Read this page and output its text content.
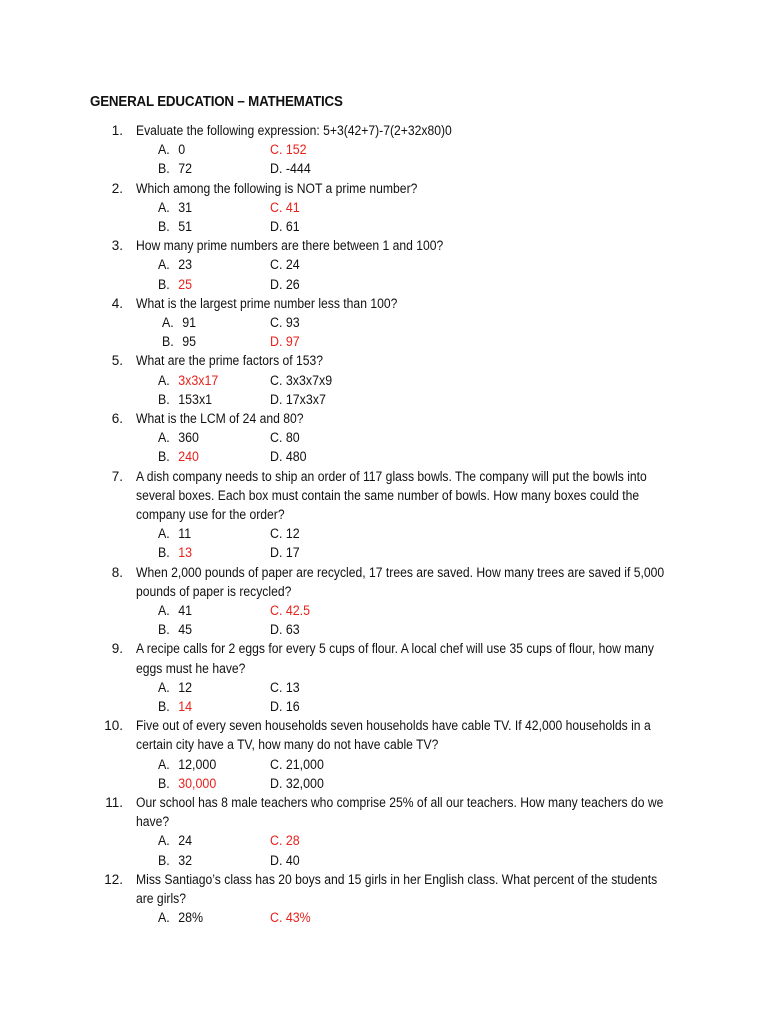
GENERAL EDUCATION – MATHEMATICS
1. Evaluate the following expression: 5+3(42+7)-7(2+32x80)0
A. 0	C. 152
B. 72	D. -444
2. Which among the following is NOT a prime number?
A. 31	C. 41
B. 51	D. 61
3. How many prime numbers are there between 1 and 100?
A. 23	C. 24
B. 25	D. 26
4. What is the largest prime number less than 100?
A. 91	C. 93
B. 95	D. 97
5. What are the prime factors of 153?
A. 3x3x17	C. 3x3x7x9
B. 153x1	D. 17x3x7
6. What is the LCM of 24 and 80?
A. 360	C. 80
B. 240	D. 480
7. A dish company needs to ship an order of 117 glass bowls. The company will put the bowls into
several boxes. Each box must contain the same number of bowls. How many boxes could the
company use for the order?
A. 11	C. 12
B. 13	D. 17
8. When 2,000 pounds of paper are recycled, 17 trees are saved. How many trees are saved if 5,000
pounds of paper is recycled?
A. 41	C. 42.5
B. 45	D. 63
9. A recipe calls for 2 eggs for every 5 cups of flour. A local chef will use 35 cups of flour, how many
eggs must he have?
A. 12	C. 13
B. 14	D. 16
10. Five out of every seven households seven households have cable TV. If 42,000 households in a
certain city have a TV, how many do not have cable TV?
A. 12,000	C. 21,000
B. 30,000	D. 32,000
11. Our school has 8 male teachers who comprise 25% of all our teachers. How many teachers do we
have?
A. 24	C. 28
B. 32	D. 40
12. Miss Santiago’s class has 20 boys and 15 girls in her English class. What percent of the students
are girls?
A. 28%	C. 43%
